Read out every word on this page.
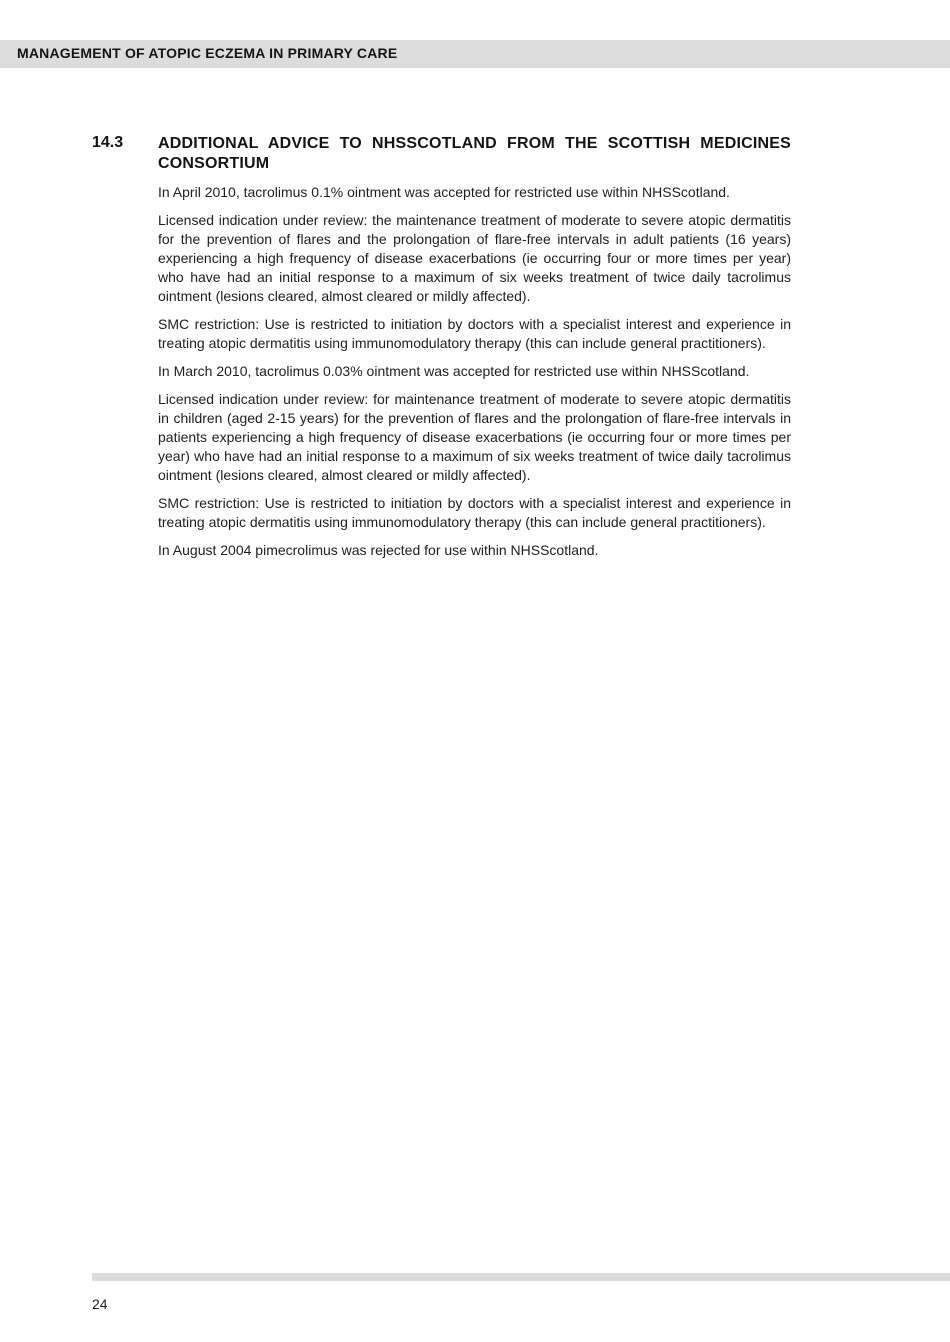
MANAGEMENT OF ATOPIC ECZEMA IN PRIMARY CARE
14.3 ADDITIONAL ADVICE TO NHSSCOTLAND FROM THE SCOTTISH MEDICINES CONSORTIUM

In April 2010, tacrolimus 0.1% ointment was accepted for restricted use within NHSScotland.

Licensed indication under review: the maintenance treatment of moderate to severe atopic dermatitis for the prevention of flares and the prolongation of flare-free intervals in adult patients (16 years) experiencing a high frequency of disease exacerbations (ie occurring four or more times per year) who have had an initial response to a maximum of six weeks treatment of twice daily tacrolimus ointment (lesions cleared, almost cleared or mildly affected).

SMC restriction: Use is restricted to initiation by doctors with a specialist interest and experience in treating atopic dermatitis using immunomodulatory therapy (this can include general practitioners).

In March 2010, tacrolimus 0.03% ointment was accepted for restricted use within NHSScotland.

Licensed indication under review: for maintenance treatment of moderate to severe atopic dermatitis in children (aged 2-15 years) for the prevention of flares and the prolongation of flare-free intervals in patients experiencing a high frequency of disease exacerbations (ie occurring four or more times per year) who have had an initial response to a maximum of six weeks treatment of twice daily tacrolimus ointment (lesions cleared, almost cleared or mildly affected).

SMC restriction: Use is restricted to initiation by doctors with a specialist interest and experience in treating atopic dermatitis using immunomodulatory therapy (this can include general practitioners).

In August 2004 pimecrolimus was rejected for use within NHSScotland.

24
